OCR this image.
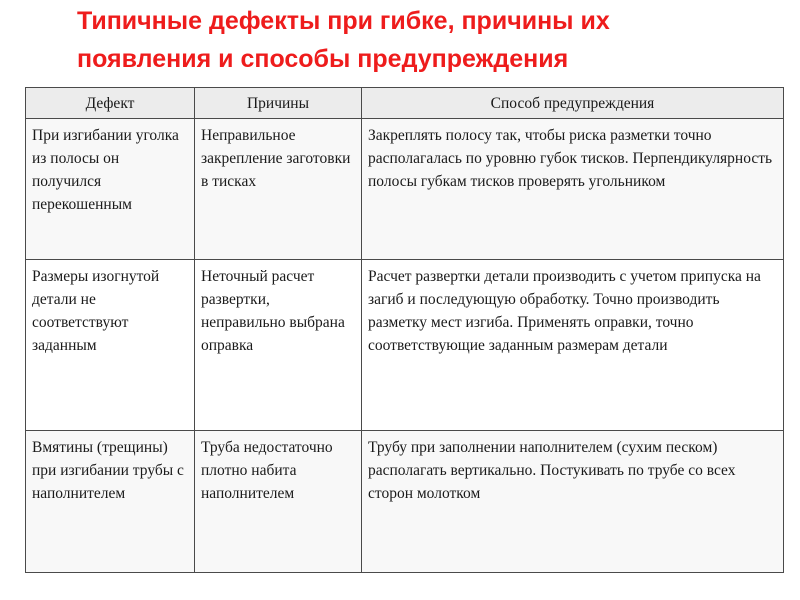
Типичные дефекты при гибке, причины их
появления и способы предупреждения
Дефект	Причины	Способ предупреждения
При изгибании уголка из полосы он получился перекошенным	Неправильное закрепление заготовки в тисках	Закреплять полосу так, чтобы риска разметки точно располагалась по уровню губок тисков. Перпендикулярность полосы губкам тисков проверять угольником
Размеры изогнутой детали не соответствуют заданным	Неточный расчет развертки, неправильно выбрана оправка	Расчет развертки детали производить с учетом припуска на загиб и последующую обработку. Точно производить разметку мест изгиба. Применять оправки, точно соответствующие заданным размерам детали
Вмятины (трещины) при изгибании трубы с наполнителем	Труба недостаточно плотно набита наполнителем	Трубу при заполнении наполнителем (сухим песком) располагать вертикально. Постукивать по трубе со всех сторон молотком
